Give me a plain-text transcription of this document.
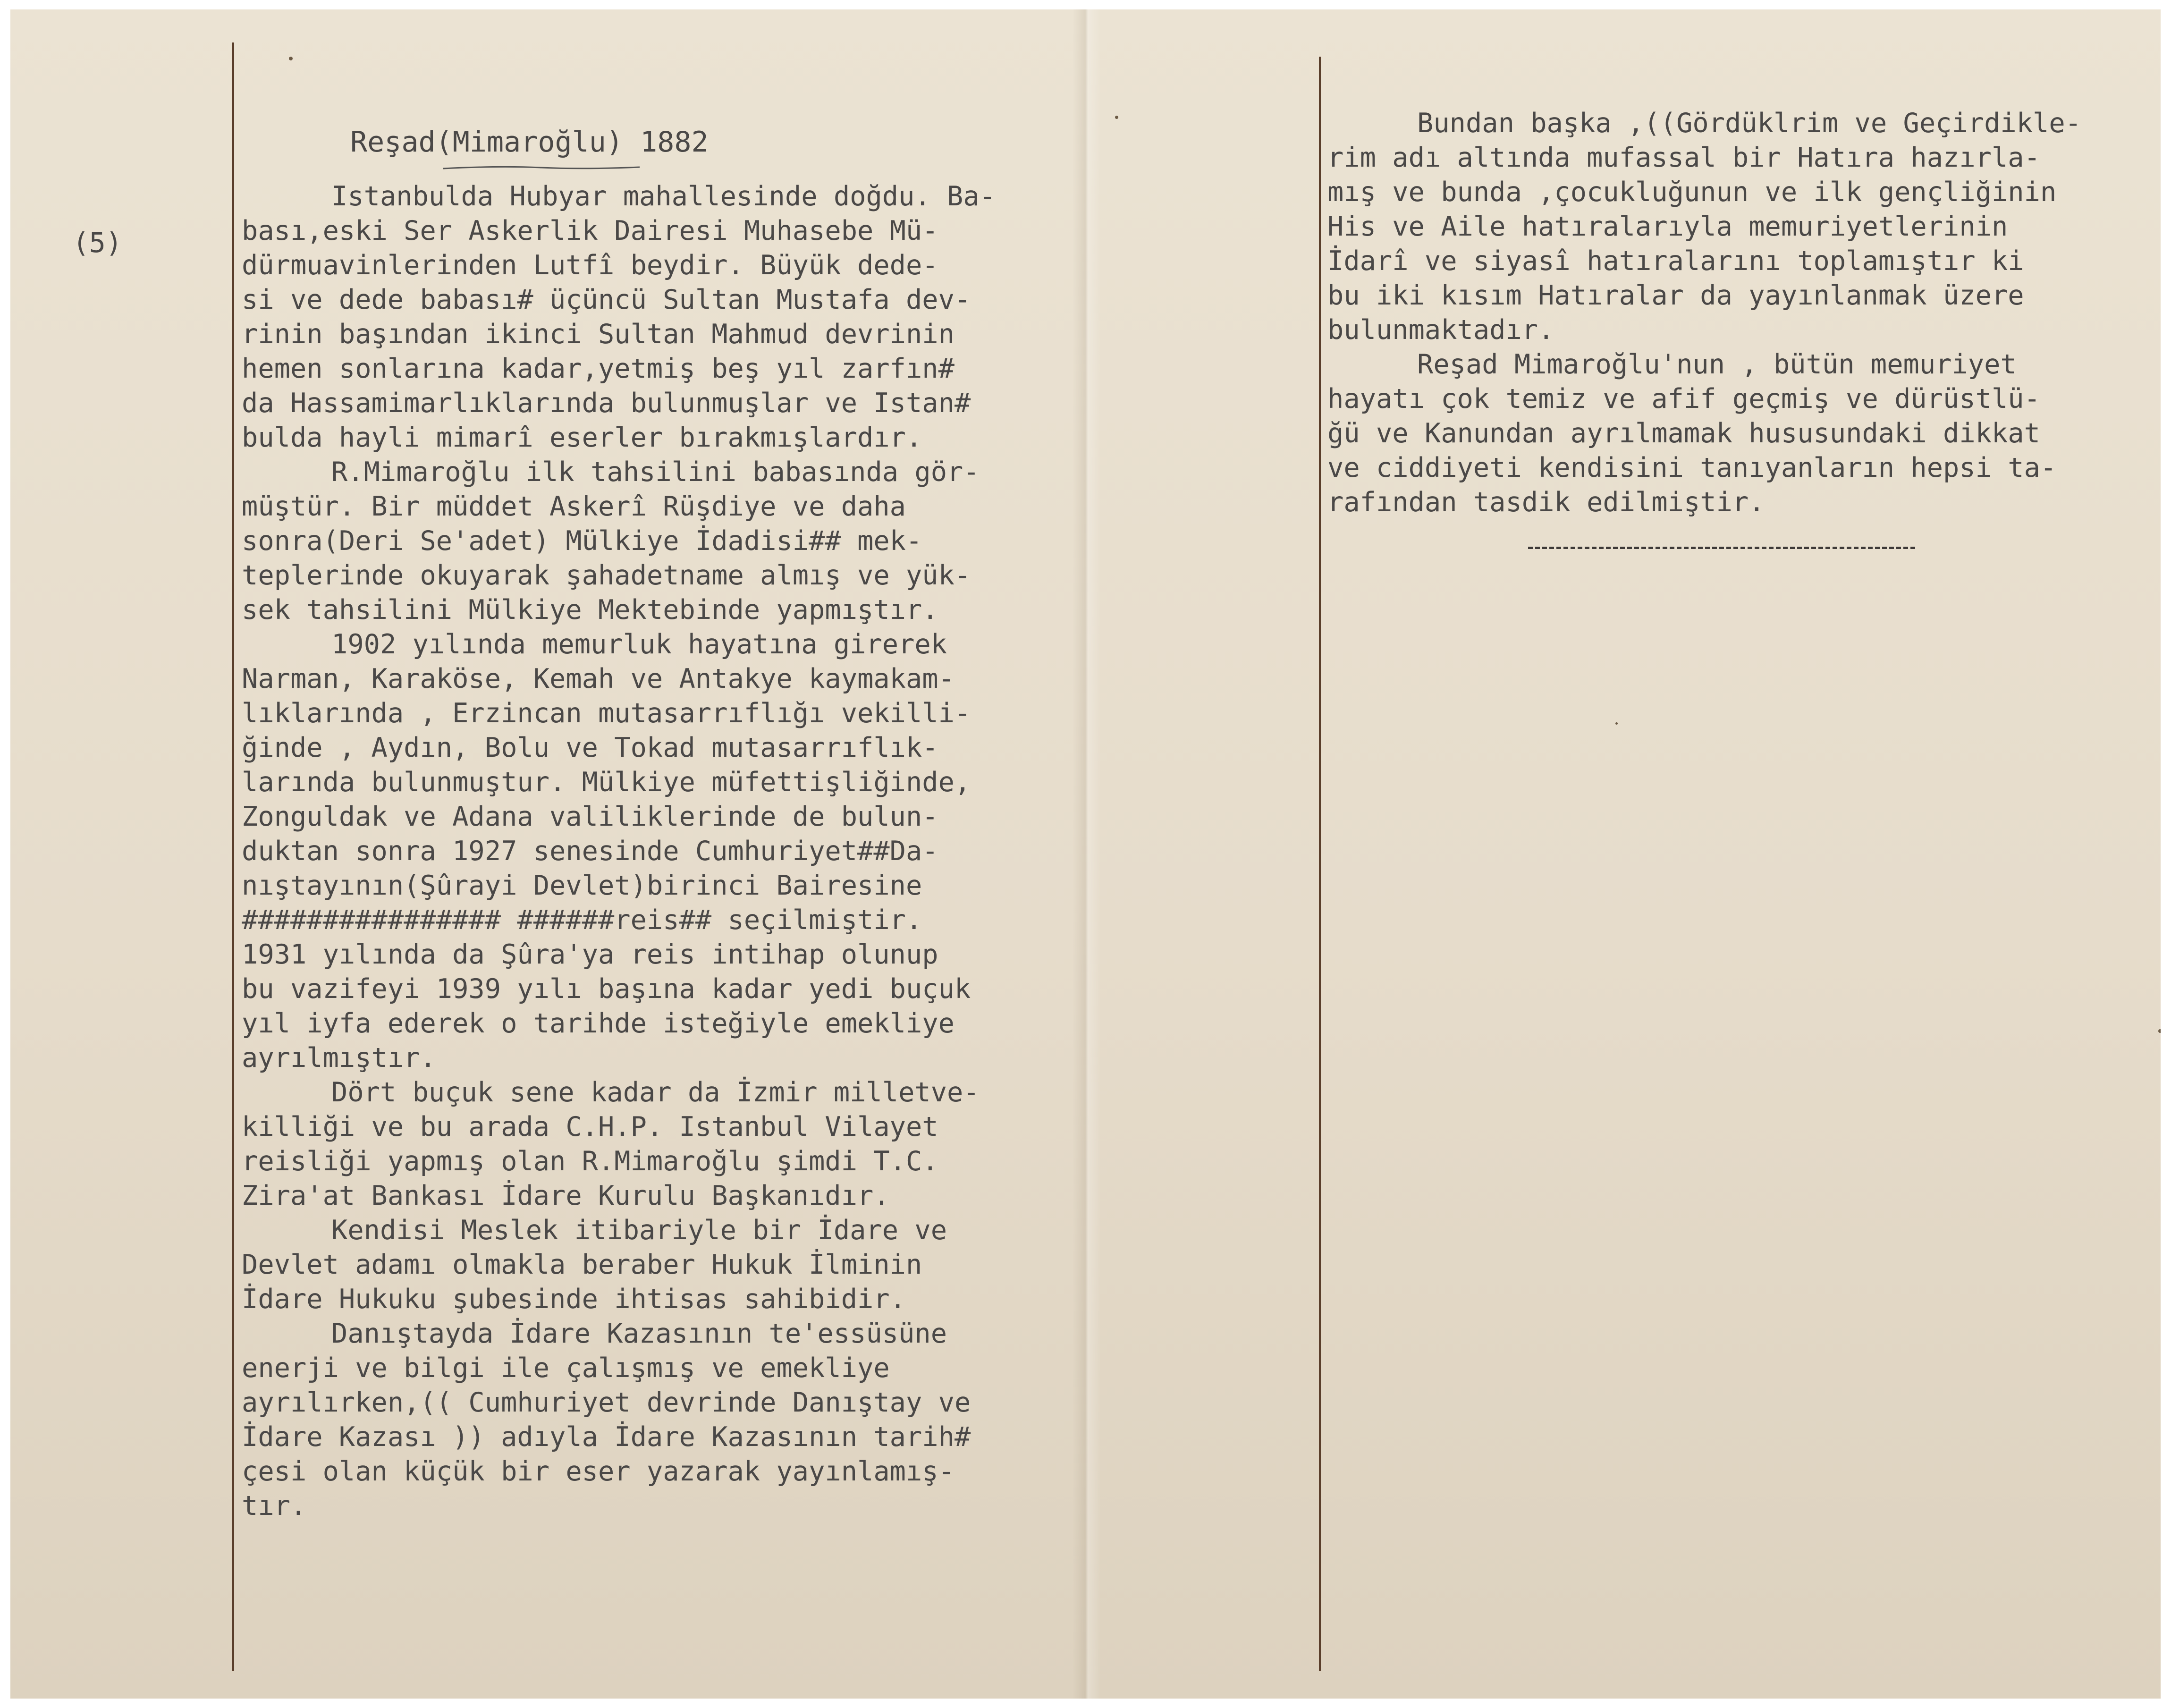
(5)
Reşad(Mimaroğlu) 1882
Istanbulda Hubyar mahallesinde doğdu. Ba-
bası,eski Ser Askerlik Dairesi Muhasebe Mü-
dürmuavinlerinden Lutfî beydir. Büyük dede-
si ve dede babası# üçüncü Sultan Mustafa dev-
rinin başından ikinci Sultan Mahmud devrinin
hemen sonlarına kadar,yetmiş beş yıl zarfın#
da Hassamimarlıklarında bulunmuşlar ve Istan#
bulda hayli mimarî eserler bırakmışlardır.
R.Mimaroğlu ilk tahsilini babasında gör-
müştür. Bir müddet Askerî Rüşdiye ve daha
sonra(Deri Se'adet) Mülkiye İdadisi## mek-
teplerinde okuyarak şahadetname almış ve yük-
sek tahsilini Mülkiye Mektebinde yapmıştır.
1902 yılında memurluk hayatına girerek
Narman, Karaköse, Kemah ve Antakye kaymakam-
lıklarında , Erzincan mutasarrıflığı vekilli-
ğinde , Aydın, Bolu ve Tokad mutasarrıflık-
larında bulunmuştur. Mülkiye müfettişliğinde,
Zonguldak ve Adana valiliklerinde de bulun-
duktan sonra 1927 senesinde Cumhuriyet##Da-
nıştayının(Şûrayi Devlet)birinci Bairesine
################ ######reis## seçilmiştir.
1931 yılında da Şûra'ya reis intihap olunup
bu vazifeyi 1939 yılı başına kadar yedi buçuk
yıl iyfa ederek o tarihde isteğiyle emekliye
ayrılmıştır.
Dört buçuk sene kadar da İzmir milletve-
killiği ve bu arada C.H.P. Istanbul Vilayet
reisliği yapmış olan R.Mimaroğlu şimdi T.C.
Zira'at Bankası İdare Kurulu Başkanıdır.
Kendisi Meslek itibariyle bir İdare ve
Devlet adamı olmakla beraber Hukuk İlminin
İdare Hukuku şubesinde ihtisas sahibidir.
Danıştayda İdare Kazasının te'essüsüne
enerji ve bilgi ile çalışmış ve emekliye
ayrılırken,(( Cumhuriyet devrinde Danıştay ve
İdare Kazası )) adıyla İdare Kazasının tarih#
çesi olan küçük bir eser yazarak yayınlamış-
tır.
Bundan başka ,((Gördüklrim ve Geçirdikle-
rim adı altında mufassal bir Hatıra hazırla-
mış ve bunda ,çocukluğunun ve ilk gençliğinin
His ve Aile hatıralarıyla memuriyetlerinin
İdarî ve siyasî hatıralarını toplamıştır ki
bu iki kısım Hatıralar da yayınlanmak üzere
bulunmaktadır.
Reşad Mimaroğlu'nun , bütün memuriyet
hayatı çok temiz ve afif geçmiş ve dürüstlü-
ğü ve Kanundan ayrılmamak hususundaki dikkat
ve ciddiyeti kendisini tanıyanların hepsi ta-
rafından tasdik edilmiştir.
